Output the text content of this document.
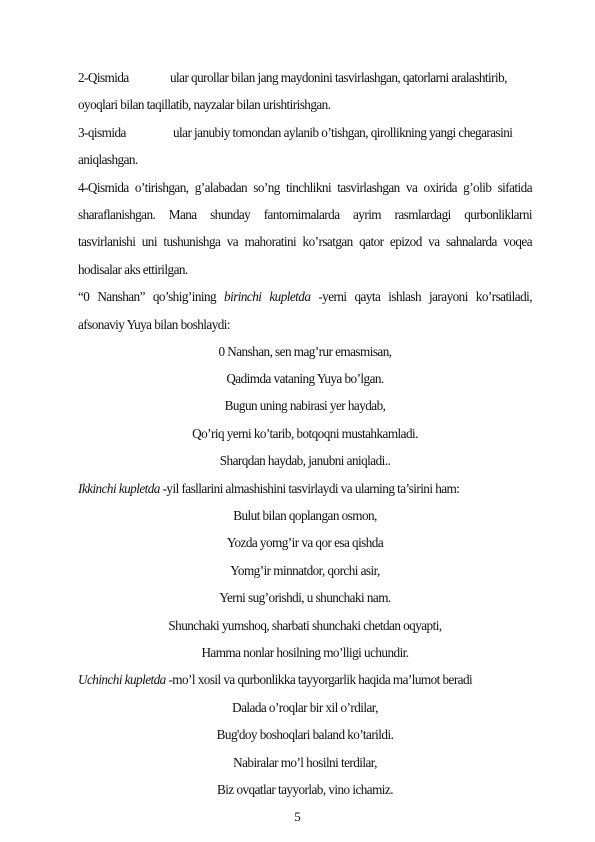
2-Qismida	ular qurollar bilan jang maydonini tasvirlashgan, qatorlarni aralashtirib,
oyoqlari bilan taqillatib, nayzalar bilan urishtirishgan.
3-qismida	ular janubiy tomondan aylanib o’tishgan, qirollikning yangi chegarasini
aniqlashgan.
4-Qismida o’tirishgan, g’alabadan so’ng tinchlikni tasvirlashgan va oxirida g’olib sifatida
sharaflanishgan. Mana shunday fantomimalarda ayrim rasmlardagi qurbonliklarni
tasvirlanishi uni tushunishga va mahoratini ko’rsatgan qator epizod va sahnalarda voqea
hodisalar aks ettirilgan.
“0 Nanshan” qo’shig’ining birinchi kupletda -yerni qayta ishlash jarayoni ko’rsatiladi,
afsonaviy Yuya bilan boshlaydi:
0 Nanshan, sen mag’rur emasmisan,
Qadimda vataning Yuya bo’lgan.
Bugun uning nabirasi yer haydab,
Qo’riq yerni ko’tarib, botqoqni mustahkamladi.
Sharqdan haydab, janubni aniqladi..
Ikkinchi kupletda -yil fasllarini almashishini tasvirlaydi va ularning ta’sirini ham:
Bulut bilan qoplangan osmon,
Yozda yomg’ir va qor esa qishda
Yomg’ir minnatdor, qorchi asir,
Yerni sug’orishdi, u shunchaki nam.
Shunchaki yumshoq, sharbati shunchaki chetdan oqyapti,
Hamma nonlar hosilning mo’lligi uchundir.
Uchinchi kupletda -mo’l xosil va qurbonlikka tayyorgarlik haqida ma’lumot beradi
Dalada o’roqlar bir xil o’rdilar,
Bug'doy boshoqlari baland ko’tarildi.
Nabiralar mo’l hosilni terdilar,
Biz ovqatlar tayyorlab, vino ichamiz.
5
